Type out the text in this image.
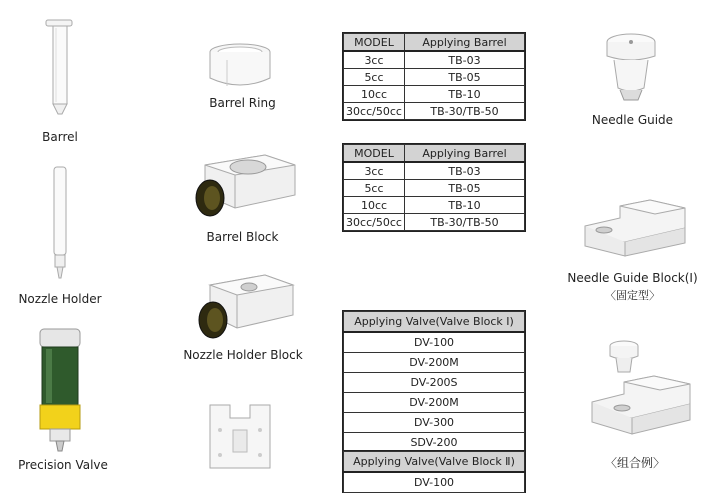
Barrel
Nozzle Holder
Precision Valve
Barrel Ring
Barrel Block
Nozzle Holder Block
MODEL	Applying Barrel
3cc	TB-03
5cc	TB-05
10cc	TB-10
30cc/50cc	TB-30/TB-50
MODEL	Applying Barrel
3cc	TB-03
5cc	TB-05
10cc	TB-10
30cc/50cc	TB-30/TB-50
Applying Valve(Valve Block Ⅰ)
DV-100
DV-200M
DV-200S
DV-200M
DV-300
SDV-200
Applying Valve(Valve Block Ⅱ)
DV-100
Needle Guide
Needle Guide Block(Ⅰ)
〈固定型〉
〈组合例〉
